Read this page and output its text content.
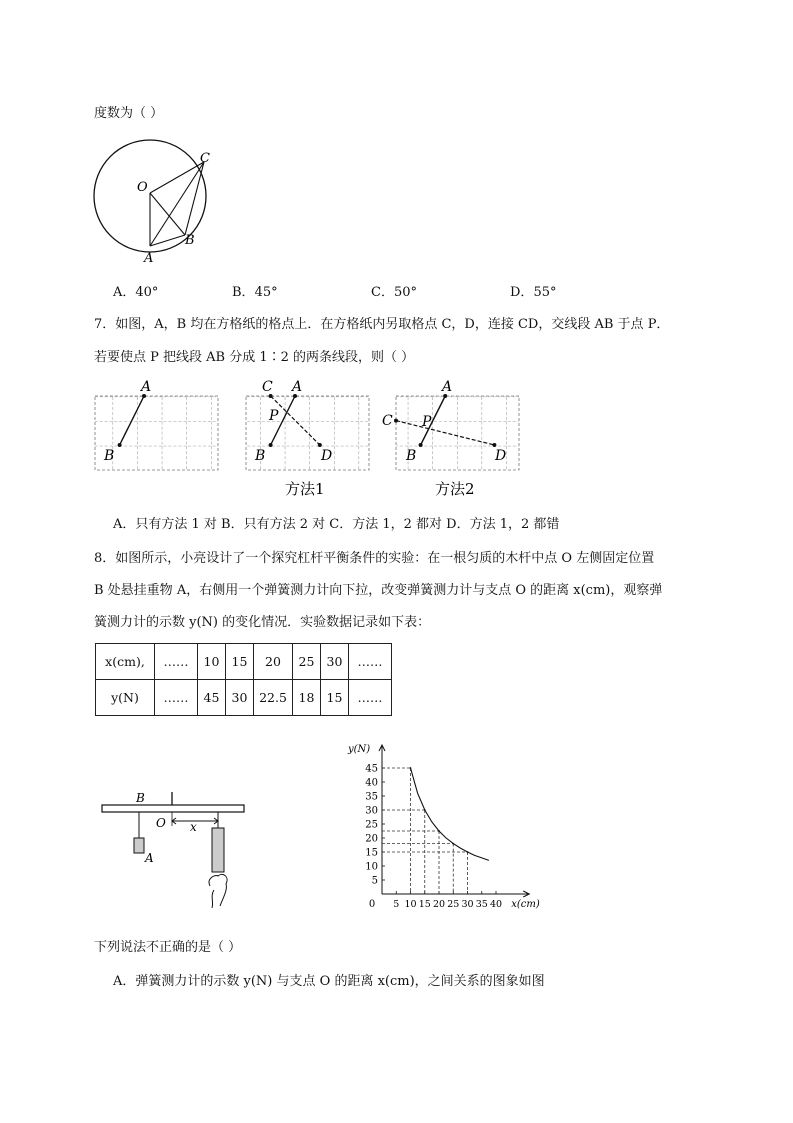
度数为（ ）
O
C
B
A
A．40°	B．45°	C．50°	D．55°
7．如图，A，B 均在方格纸的格点上．在方格纸内另取格点 C，D，连接 CD，交线段 AB 于点 P．
若要使点 P 把线段 AB 分成 1∶2 的两条线段，则（ ）
A
B
C A
P
B	D
C
A
P
B	D
方法1	方法2
A．只有方法 1 对 B．只有方法 2 对 C．方法 1，2 都对 D．方法 1，2 都错
8．如图所示，小亮设计了一个探究杠杆平衡条件的实验：在一根匀质的木杆中点 O 左侧固定位置
B 处悬挂重物 A，右侧用一个弹簧测力计向下拉，改变弹簧测力计与支点 O 的距离 x(cm)，观察弹
簧测力计的示数 y(N) 的变化情况．实验数据记录如下表：
x(cm),	……	10	15	20	25	30	……
y(N)	……	45	30	22.5	18	15	……
B
O x
A
5 10 15 20 25 30 35 40
5
10
15
20
25
30
35
40
45
0	x(cm)
y(N)
下列说法不正确的是（ ）
A．弹簧测力计的示数 y(N) 与支点 O 的距离 x(cm)，之间关系的图象如图
